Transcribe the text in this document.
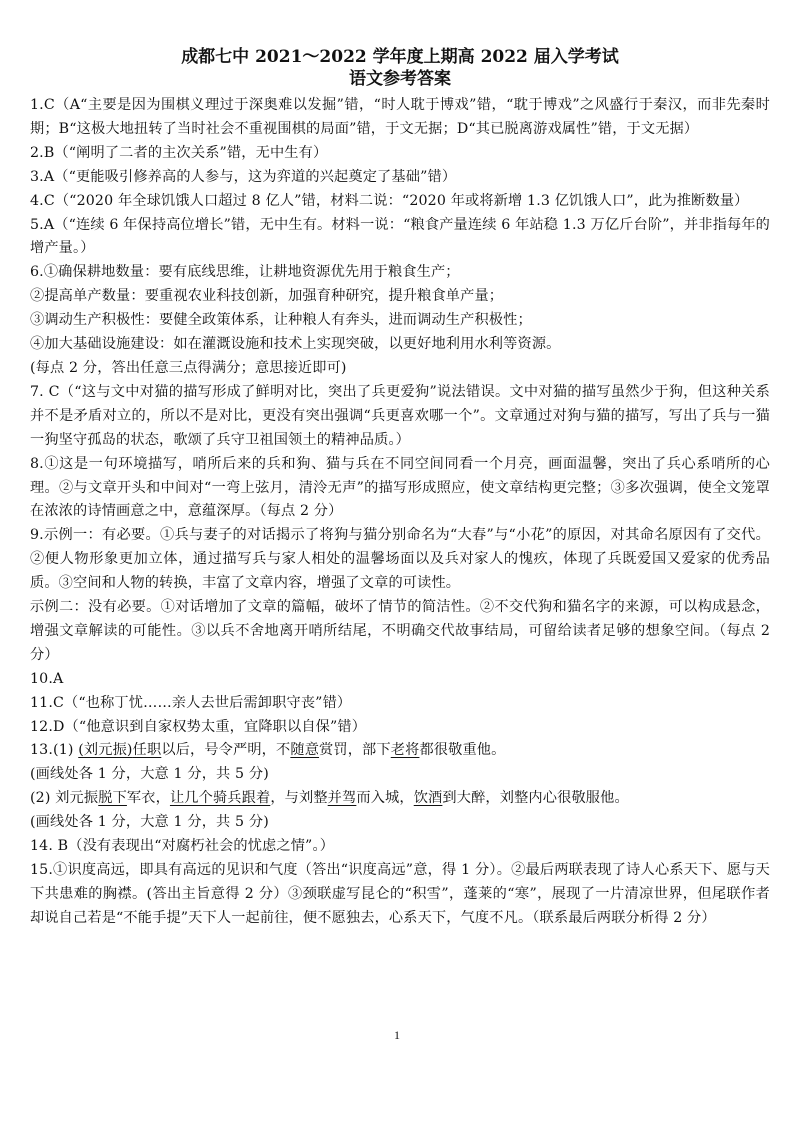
成都七中 2021～2022 学年度上期高 2022 届入学考试
语文参考答案

1.C（A“主要是因为围棋义理过于深奥难以发掘”错，“时人耽于博戏”错，“耽于博戏”之风盛行于秦汉，而非先秦时期；B“这极大地扭转了当时社会不重视围棋的局面”错，于文无据；D“其已脱离游戏属性”错，于文无据）

2.B（“阐明了二者的主次关系”错，无中生有）

3.A（“更能吸引修养高的人参与，这为弈道的兴起奠定了基础”错）

4.C（“2020 年全球饥饿人口超过 8 亿人”错，材料二说：“2020 年或将新增 1.3 亿饥饿人口”，此为推断数量）

5.A（“连续 6 年保持高位增长”错，无中生有。材料一说：“粮食产量连续 6 年站稳 1.3 万亿斤台阶”，并非指每年的增产量。）

6.①确保耕地数量：要有底线思维，让耕地资源优先用于粮食生产；

②提高单产数量：要重视农业科技创新，加强育种研究，提升粮食单产量；

③调动生产积极性：要健全政策体系，让种粮人有奔头，进而调动生产积极性；

④加大基础设施建设：如在灌溉设施和技术上实现突破，以更好地利用水利等资源。

(每点 2 分，答出任意三点得满分；意思接近即可)

7. C（“这与文中对猫的描写形成了鲜明对比，突出了兵更爱狗”说法错误。文中对猫的描写虽然少于狗，但这种关系并不是矛盾对立的，所以不是对比，更没有突出强调“兵更喜欢哪一个”。文章通过对狗与猫的描写，写出了兵与一猫一狗坚守孤岛的状态，歌颂了兵守卫祖国领土的精神品质。）

8.①这是一句环境描写，哨所后来的兵和狗、猫与兵在不同空间同看一个月亮，画面温馨，突出了兵心系哨所的心理。②与文章开头和中间对“一弯上弦月，清泠无声”的描写形成照应，使文章结构更完整；③多次强调，使全文笼罩在浓浓的诗情画意之中，意蕴深厚。（每点 2 分）

9.示例一：有必要。①兵与妻子的对话揭示了将狗与猫分别命名为“大春”与“小花”的原因，对其命名原因有了交代。②便人物形象更加立体，通过描写兵与家人相处的温馨场面以及兵对家人的愧疚，体现了兵既爱国又爱家的优秀品质。③空间和人物的转换，丰富了文章内容，增强了文章的可读性。

示例二：没有必要。①对话增加了文章的篇幅，破坏了情节的简洁性。②不交代狗和猫名字的来源，可以构成悬念，增强文章解读的可能性。③以兵不舍地离开哨所结尾，不明确交代故事结局，可留给读者足够的想象空间。（每点 2 分）

10.A

11.C（“也称丁忧……亲人去世后需卸职守丧”错）

12.D（“他意识到自家权势太重，宜降职以自保”错）

13.(1) (刘元振)任职以后，号令严明，不随意赏罚，部下老将都很敬重他。

(画线处各 1 分，大意 1 分，共 5 分)

(2) 刘元振脱下军衣，让几个骑兵跟着，与刘整并驾而入城，饮酒到大醉，刘整内心很敬服他。

(画线处各 1 分，大意 1 分，共 5 分)

14. B（没有表现出“对腐朽社会的忧虑之情”。）

15.①识度高远，即具有高远的见识和气度（答出“识度高远”意，得 1 分）。②最后两联表现了诗人心系天下、愿与天下共患难的胸襟。(答出主旨意得 2 分）③颈联虚写昆仑的“积雪”，蓬莱的“寒”，展现了一片清凉世界，但尾联作者却说自己若是“不能手提”天下人一起前往，便不愿独去，心系天下，气度不凡。（联系最后两联分析得 2 分）

1
